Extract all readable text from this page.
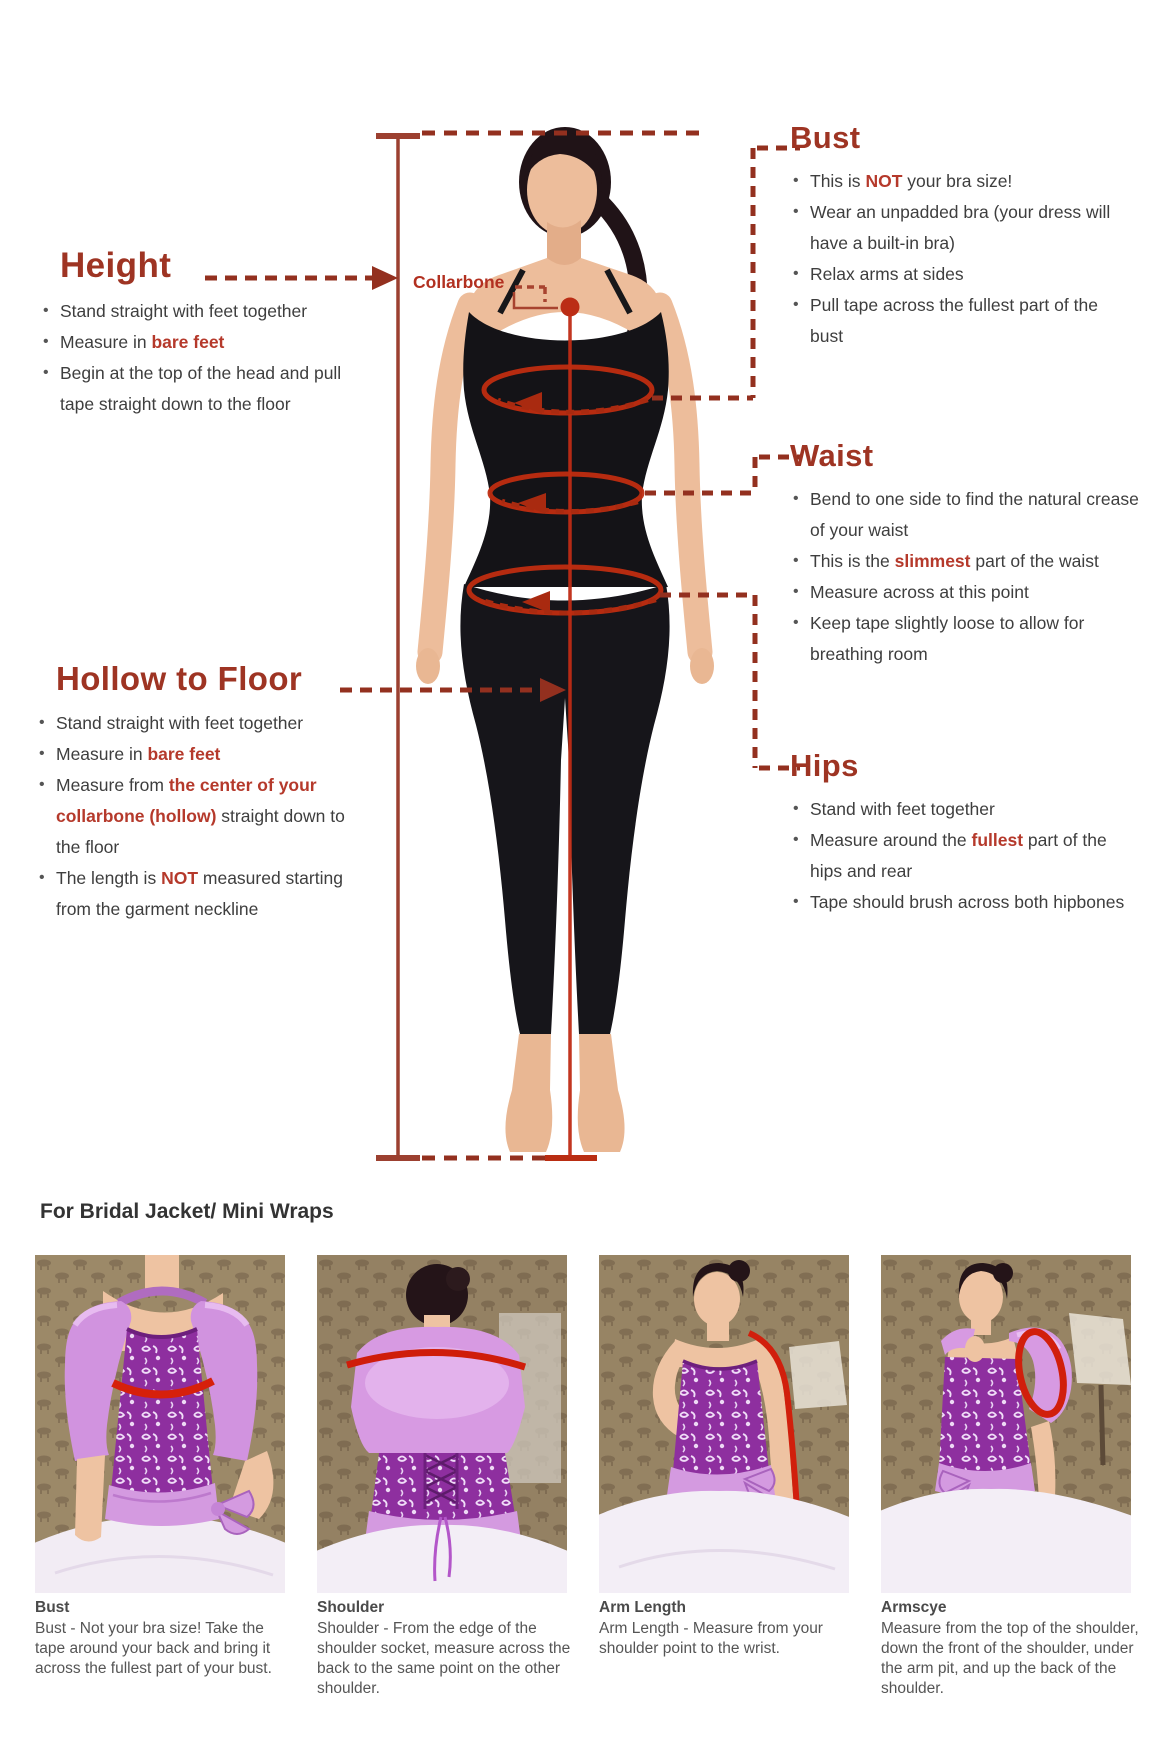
Height
• Stand straight with feet together
• Measure in bare feet
• Begin at the top of the head and pull tape straight down to the floor
Bust
• This is NOT your bra size!
• Wear an unpadded bra (your dress will have a built-in bra)
• Relax arms at sides
• Pull tape across the fullest part of the bust
Waist
• Bend to one side to find the natural crease of your waist
• This is the slimmest part of the waist
• Measure across at this point
• Keep tape slightly loose to allow for breathing room
Hollow to Floor
• Stand straight with feet together
• Measure in bare feet
• Measure from the center of your collarbone (hollow) straight down to the floor
• The length is NOT measured starting from the garment neckline
Hips
• Stand with feet together
• Measure around the fullest part of the hips and rear
• Tape should brush across both hipbones
Collarbone
For Bridal Jacket/ Mini Wraps
Bust

Bust - Not your bra size! Take the tape around your back and bring it across the fullest part of your bust.

Shoulder

Shoulder - From the edge of the shoulder socket, measure across the back to the same point on the other shoulder.

Arm Length

Arm Length - Measure from your shoulder point to the wrist.

Armscye

Measure from the top of the shoulder, down the front of the shoulder, under the arm pit, and up the back of the shoulder.
